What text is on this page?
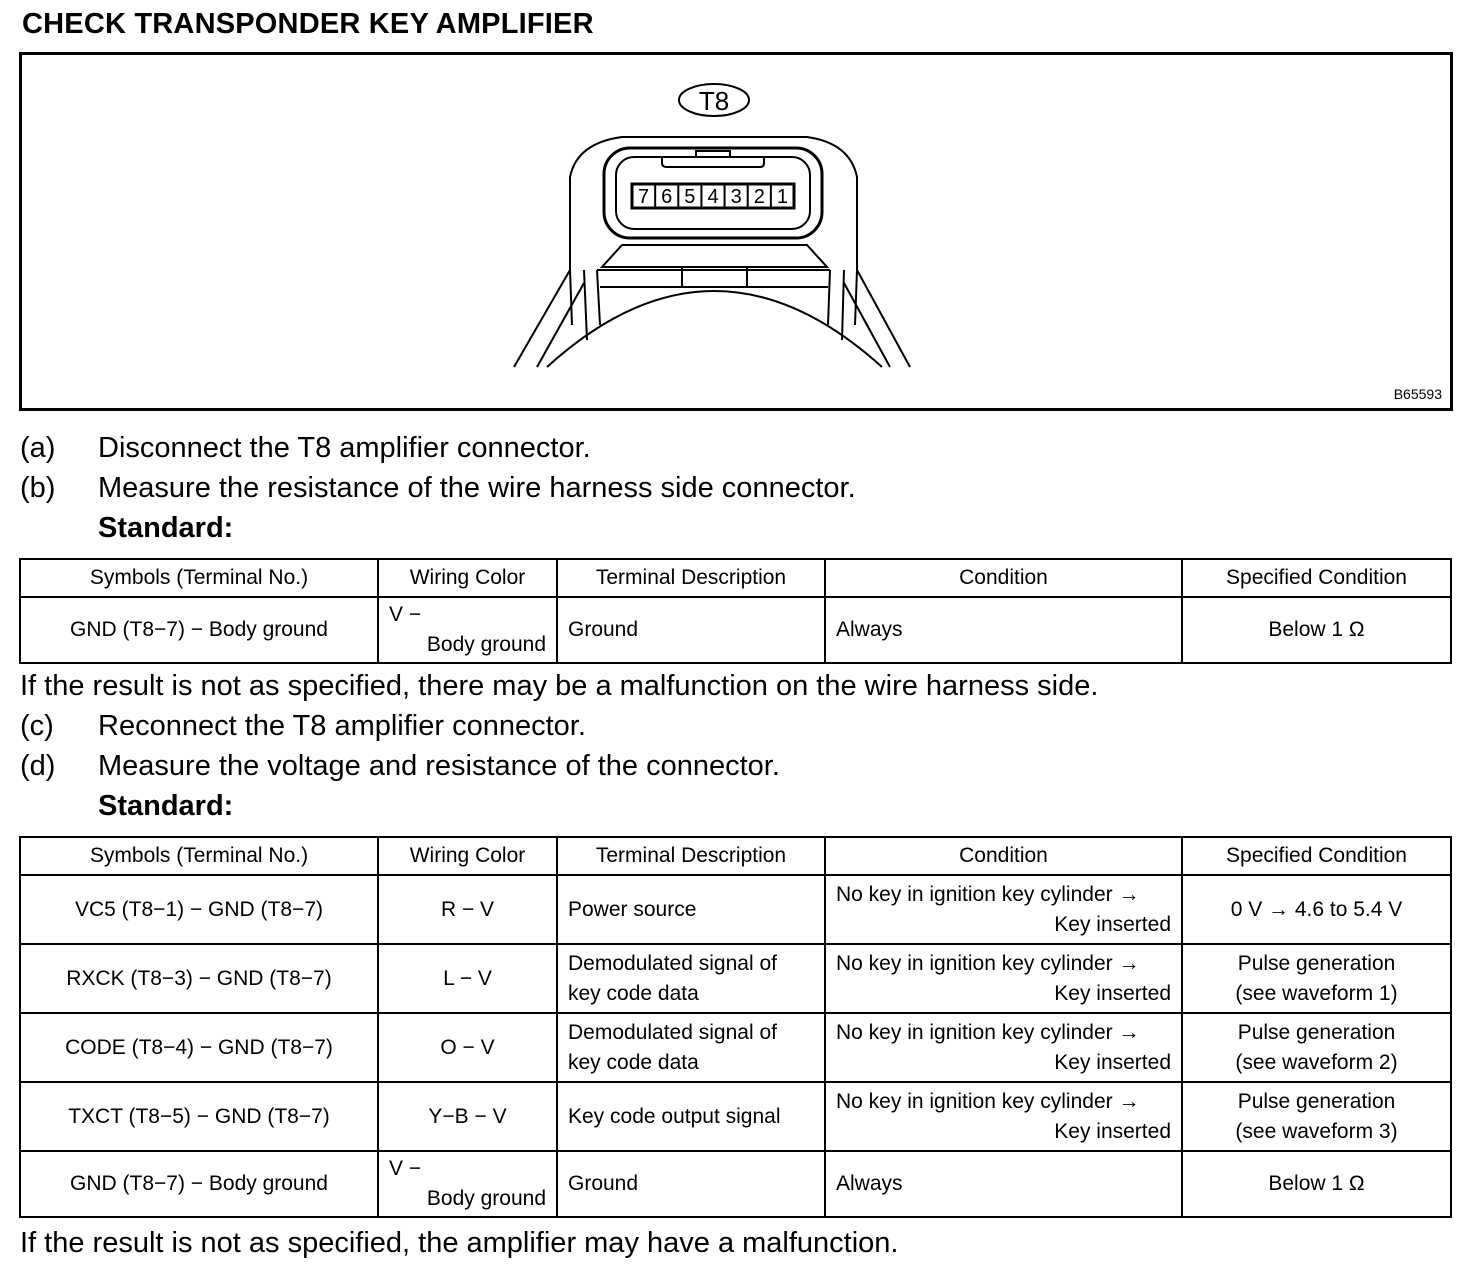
CHECK TRANSPONDER KEY AMPLIFIER
T8
7 6 5 4 3 2 1
B65593
(a) Disconnect the T8 amplifier connector.
(b) Measure the resistance of the wire harness side connector.
Standard:
Symbols (Terminal No.)	Wiring Color	Terminal Description	Condition	Specified Condition
GND (T8−7) − Body ground	V −
Body ground	Ground	Always	Below 1 Ω
If the result is not as specified, there may be a malfunction on the wire harness side.
(c) Reconnect the T8 amplifier connector.
(d) Measure the voltage and resistance of the connector.
Standard:
Symbols (Terminal No.)	Wiring Color	Terminal Description	Condition	Specified Condition
VC5 (T8−1) − GND (T8−7)	R − V	Power source	No key in ignition key cylinder →
Key inserted	0 V → 4.6 to 5.4 V
RXCK (T8−3) − GND (T8−7)	L − V	Demodulated signal of
key code data	No key in ignition key cylinder →
Key inserted	Pulse generation
(see waveform 1)

CODE (T8−4) − GND (T8−7)	O − V	Demodulated signal of
key code data	No key in ignition key cylinder →
Key inserted	Pulse generation
(see waveform 2)

TXCT (T8−5) − GND (T8−7)	Y−B − V	Key code output signal	No key in ignition key cylinder →
Key inserted	Pulse generation
(see waveform 3)

GND (T8−7) − Body ground	V −
Body ground	Ground	Always	Below 1 Ω
If the result is not as specified, the amplifier may have a malfunction.
